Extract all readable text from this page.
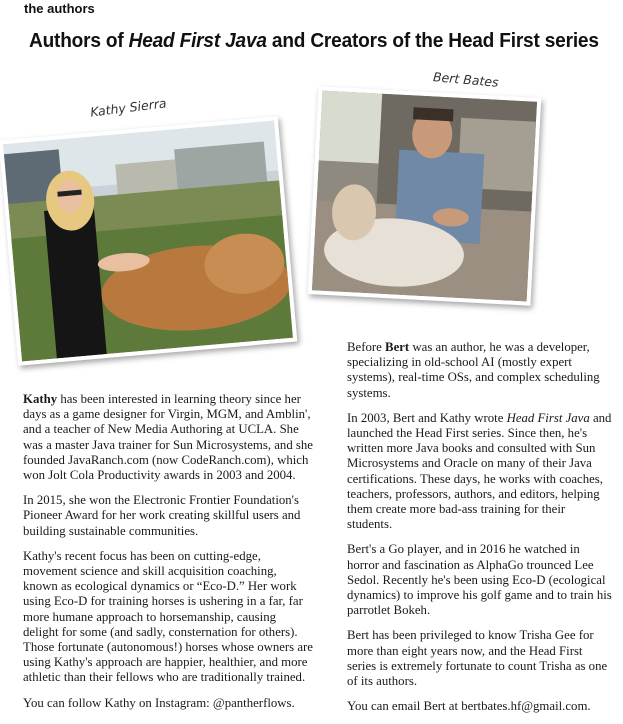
the authors
Authors of Head First Java and Creators of the Head First series
Kathy Sierra
Bert Bates

Kathy has been interested in learning theory since her days as a game designer for Virgin, MGM, and Amblin', and a teacher of New Media Authoring at UCLA. She was a master Java trainer for Sun Microsystems, and she founded JavaRanch.com (now CodeRanch.com), which won Jolt Cola Productivity awards in 2003 and 2004.

In 2015, she won the Electronic Frontier Foundation's Pioneer Award for her work creating skillful users and building sustainable communities.

Kathy's recent focus has been on cutting-edge, movement science and skill acquisition coaching, known as ecological dynamics or “Eco-D.” Her work using Eco-D for training horses is ushering in a far, far more humane approach to horsemanship, causing delight for some (and sadly, consternation for others). Those fortunate (autonomous!) horses whose owners are using Kathy's approach are happier, healthier, and more athletic than their fellows who are traditionally trained.

You can follow Kathy on Instagram: @pantherflows.

Before Bert was an author, he was a developer, specializing in old-school AI (mostly expert systems), real-time OSs, and complex scheduling systems.

In 2003, Bert and Kathy wrote Head First Java and launched the Head First series. Since then, he's written more Java books and consulted with Sun Microsystems and Oracle on many of their Java certifications. These days, he works with coaches, teachers, professors, authors, and editors, helping them create more bad-ass training for their students.

Bert's a Go player, and in 2016 he watched in horror and fascination as AlphaGo trounced Lee Sedol. Recently he's been using Eco-D (ecological dynamics) to improve his golf game and to train his parrotlet Bokeh.

Bert has been privileged to know Trisha Gee for more than eight years now, and the Head First series is extremely fortunate to count Trisha as one of its authors.

You can email Bert at bertbates.hf@gmail.com.
